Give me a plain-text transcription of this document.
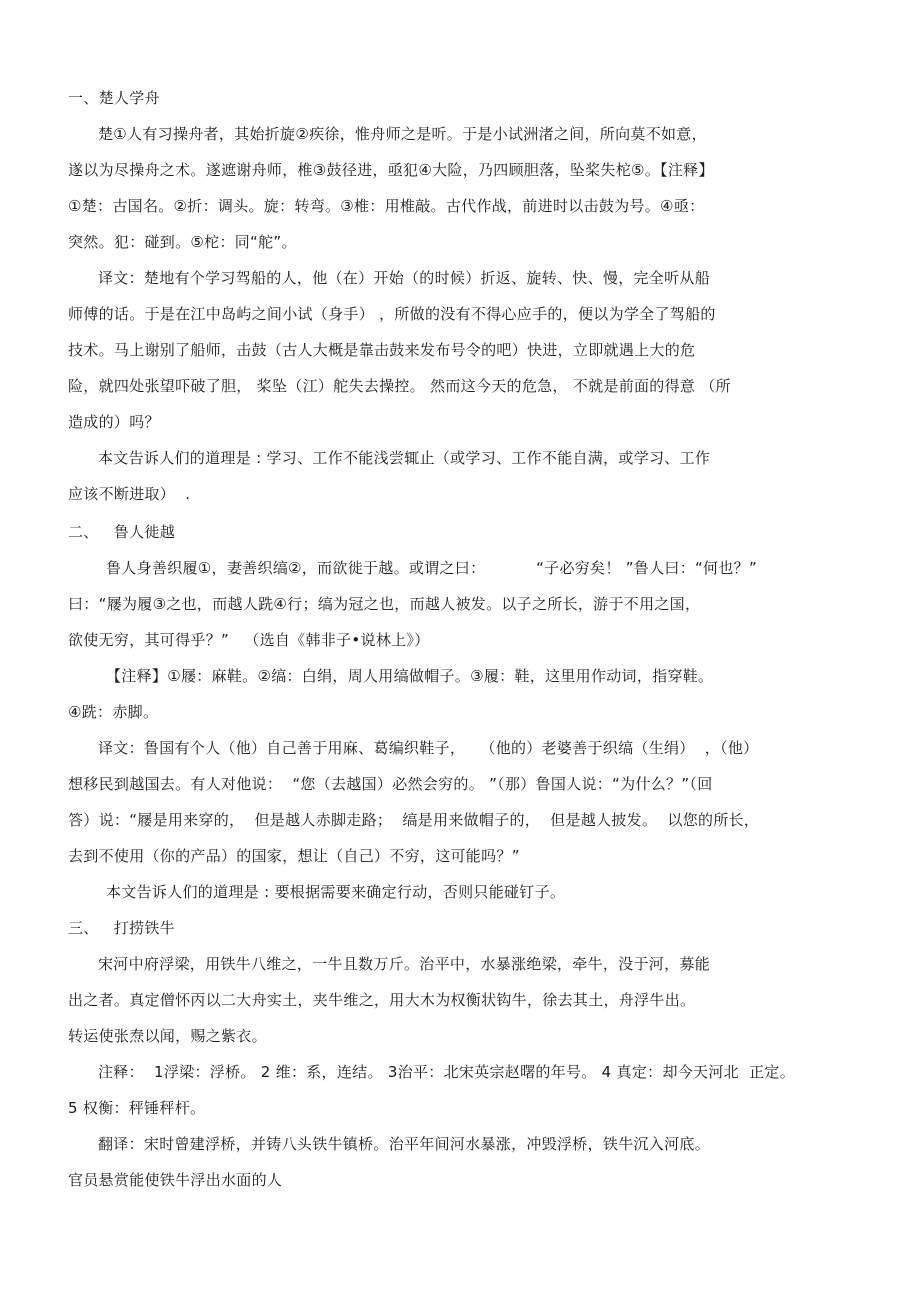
一、楚人学舟
楚①人有习操舟者，其始折旋②疾徐，惟舟师之是听。于是小试洲渚之间，所向莫不如意，
遂以为尽操舟之术。遂遮谢舟师，椎③鼓径进，亟犯④大险，乃四顾胆落，坠桨失柁⑤。【注释】
①楚：古国名。②折：调头。旋：转弯。③椎：用椎敲。古代作战，前进时以击鼓为号。④亟：
突然。犯：碰到。⑤柁：同“舵”。
译文：楚地有个学习驾船的人，他（在）开始（的时候）折返、旋转、快、慢，完全听从船
师傅的话。于是在江中岛屿之间小试（身手） ，所做的没有不得心应手的，便以为学全了驾船的
技术。马上谢别了船师，击鼓（古人大概是靠击鼓来发布号令的吧）快进，立即就遇上大的危
险，就四处张望吓破了胆， 桨坠（江）舵失去操控。 然而这今天的危急， 不就是前面的得意 （所
造成的）吗？
本文告诉人们的道理是 : 学习、工作不能浅尝辄止（或学习、工作不能自满，或学习、工作
应该不断进取）  .
二、   鲁人徙越
鲁人身善织履①，妻善织缟②，而欲徙于越。或谓之曰：          “子必穷矣！ ”鲁人曰：“何也？”
曰：“屦为履③之也，而越人跣④行；缟为冠之也，而越人被发。以子之所长，游于不用之国，
欲使无穷，其可得乎？”   （选自《韩非子•说林上》）
【注释】①屦：麻鞋。②缟：白绢，周人用缟做帽子。③履：鞋，这里用作动词，指穿鞋。
④跣：赤脚。
译文：鲁国有个人（他）自己善于用麻、葛编织鞋子，   （他的）老婆善于织缟（生绢）  ，（他）
想移民到越国去。有人对他说：  “您（去越国）必然会穷的。 ”（那）鲁国人说：“为什么？”（回
答）说：“屦是用来穿的，  但是越人赤脚走路；  缟是用来做帽子的，  但是越人披发。  以您的所长，
去到不使用（你的产品）的国家，想让（自己）不穷，这可能吗？”
本文告诉人们的道理是 : 要根据需要来确定行动，否则只能碰钉子。
三、   打捞铁牛
宋河中府浮梁，用铁牛八维之，一牛且数万斤。治平中，水暴涨绝梁，牵牛，没于河，募能
出之者。真定僧怀丙以二大舟实土，夹牛维之，用大木为权衡状钩牛，徐去其土，舟浮牛出。
转运使张焘以闻，赐之紫衣。
注释：  1浮梁：浮桥。 2 维：系，连结。 3治平：北宋英宗赵曙的年号。 4 真定：却今天河北  正定。
5 权衡：秤锤秤杆。
翻译：宋时曾建浮桥，并铸八头铁牛镇桥。治平年间河水暴涨，冲毁浮桥，铁牛沉入河底。
官员悬赏能使铁牛浮出水面的人
